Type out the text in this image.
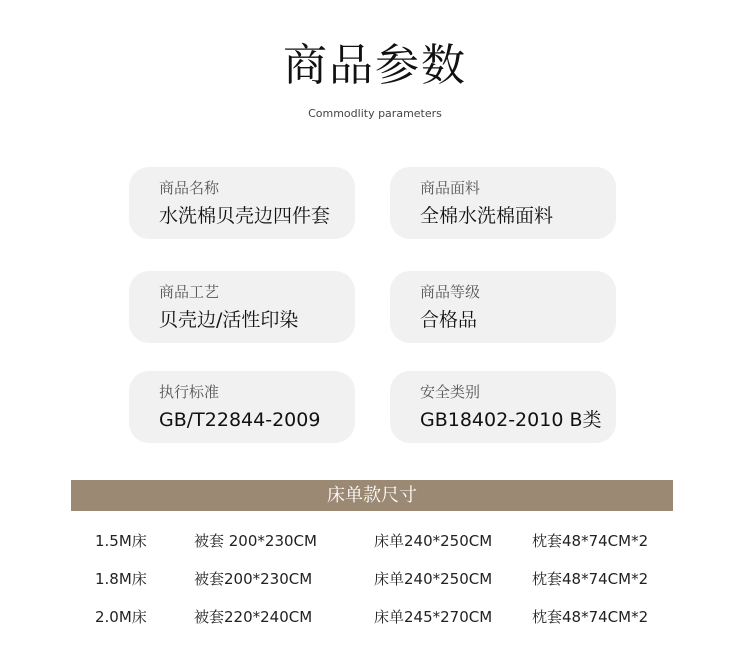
商品参数
Commodlity parameters
商品名称
水洗棉贝壳边四件套
商品面料
全棉水洗棉面料
商品工艺
贝壳边/活性印染
商品等级
合格品
执行标准
GB/T22844-2009
安全类别
GB18402-2010 B类
床单款尺寸
1.5M床	被套 200*230CM	床单240*250CM	枕套48*74CM*2
1.8M床	被套200*230CM	床单240*250CM	枕套48*74CM*2
2.0M床	被套220*240CM	床单245*270CM	枕套48*74CM*2
